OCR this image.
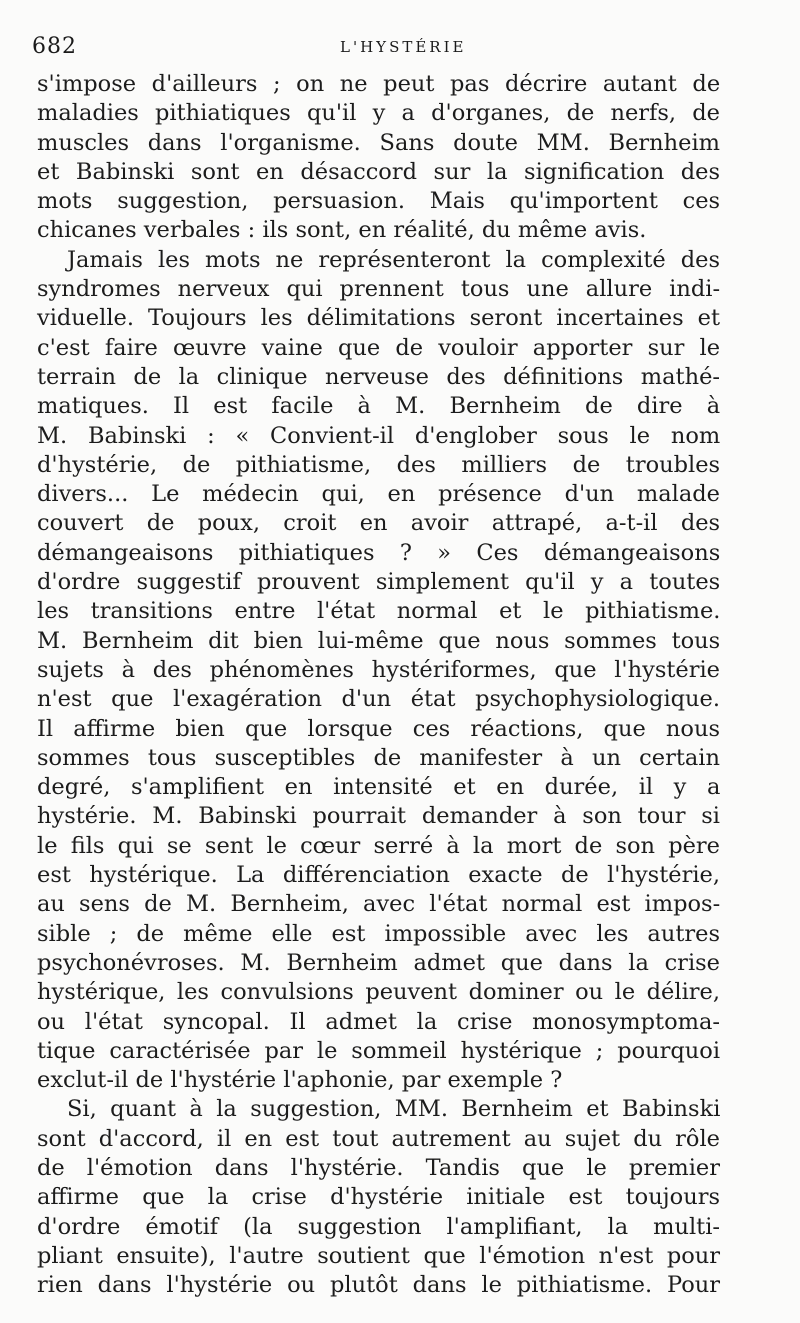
682	L'HYSTÉRIE
s'impose d'ailleurs ; on ne peut pas décrire autant de
maladies pithiatiques qu'il y a d'organes, de nerfs, de
muscles dans l'organisme. Sans doute MM. Bernheim
et Babinski sont en désaccord sur la signification des
mots suggestion, persuasion. Mais qu'importent ces
chicanes verbales : ils sont, en réalité, du même avis.
Jamais les mots ne représenteront la complexité des
syndromes nerveux qui prennent tous une allure indi-
viduelle. Toujours les délimitations seront incertaines et
c'est faire œuvre vaine que de vouloir apporter sur le
terrain de la clinique nerveuse des définitions mathé-
matiques. Il est facile à M. Bernheim de dire à
M. Babinski : « Convient-il d'englober sous le nom
d'hystérie, de pithiatisme, des milliers de troubles
divers... Le médecin qui, en présence d'un malade
couvert de poux, croit en avoir attrapé, a-t-il des
démangeaisons pithiatiques ? » Ces démangeaisons
d'ordre suggestif prouvent simplement qu'il y a toutes
les transitions entre l'état normal et le pithiatisme.
M. Bernheim dit bien lui-même que nous sommes tous
sujets à des phénomènes hystériformes, que l'hystérie
n'est que l'exagération d'un état psychophysiologique.
Il affirme bien que lorsque ces réactions, que nous
sommes tous susceptibles de manifester à un certain
degré, s'amplifient en intensité et en durée, il y a
hystérie. M. Babinski pourrait demander à son tour si
le fils qui se sent le cœur serré à la mort de son père
est hystérique. La différenciation exacte de l'hystérie,
au sens de M. Bernheim, avec l'état normal est impos-
sible ; de même elle est impossible avec les autres
psychonévroses. M. Bernheim admet que dans la crise
hystérique, les convulsions peuvent dominer ou le délire,
ou l'état syncopal. Il admet la crise monosymptoma-
tique caractérisée par le sommeil hystérique ; pourquoi
exclut-il de l'hystérie l'aphonie, par exemple ?
Si, quant à la suggestion, MM. Bernheim et Babinski
sont d'accord, il en est tout autrement au sujet du rôle
de l'émotion dans l'hystérie. Tandis que le premier
affirme que la crise d'hystérie initiale est toujours
d'ordre émotif (la suggestion l'amplifiant, la multi-
pliant ensuite), l'autre soutient que l'émotion n'est pour
rien dans l'hystérie ou plutôt dans le pithiatisme. Pour
